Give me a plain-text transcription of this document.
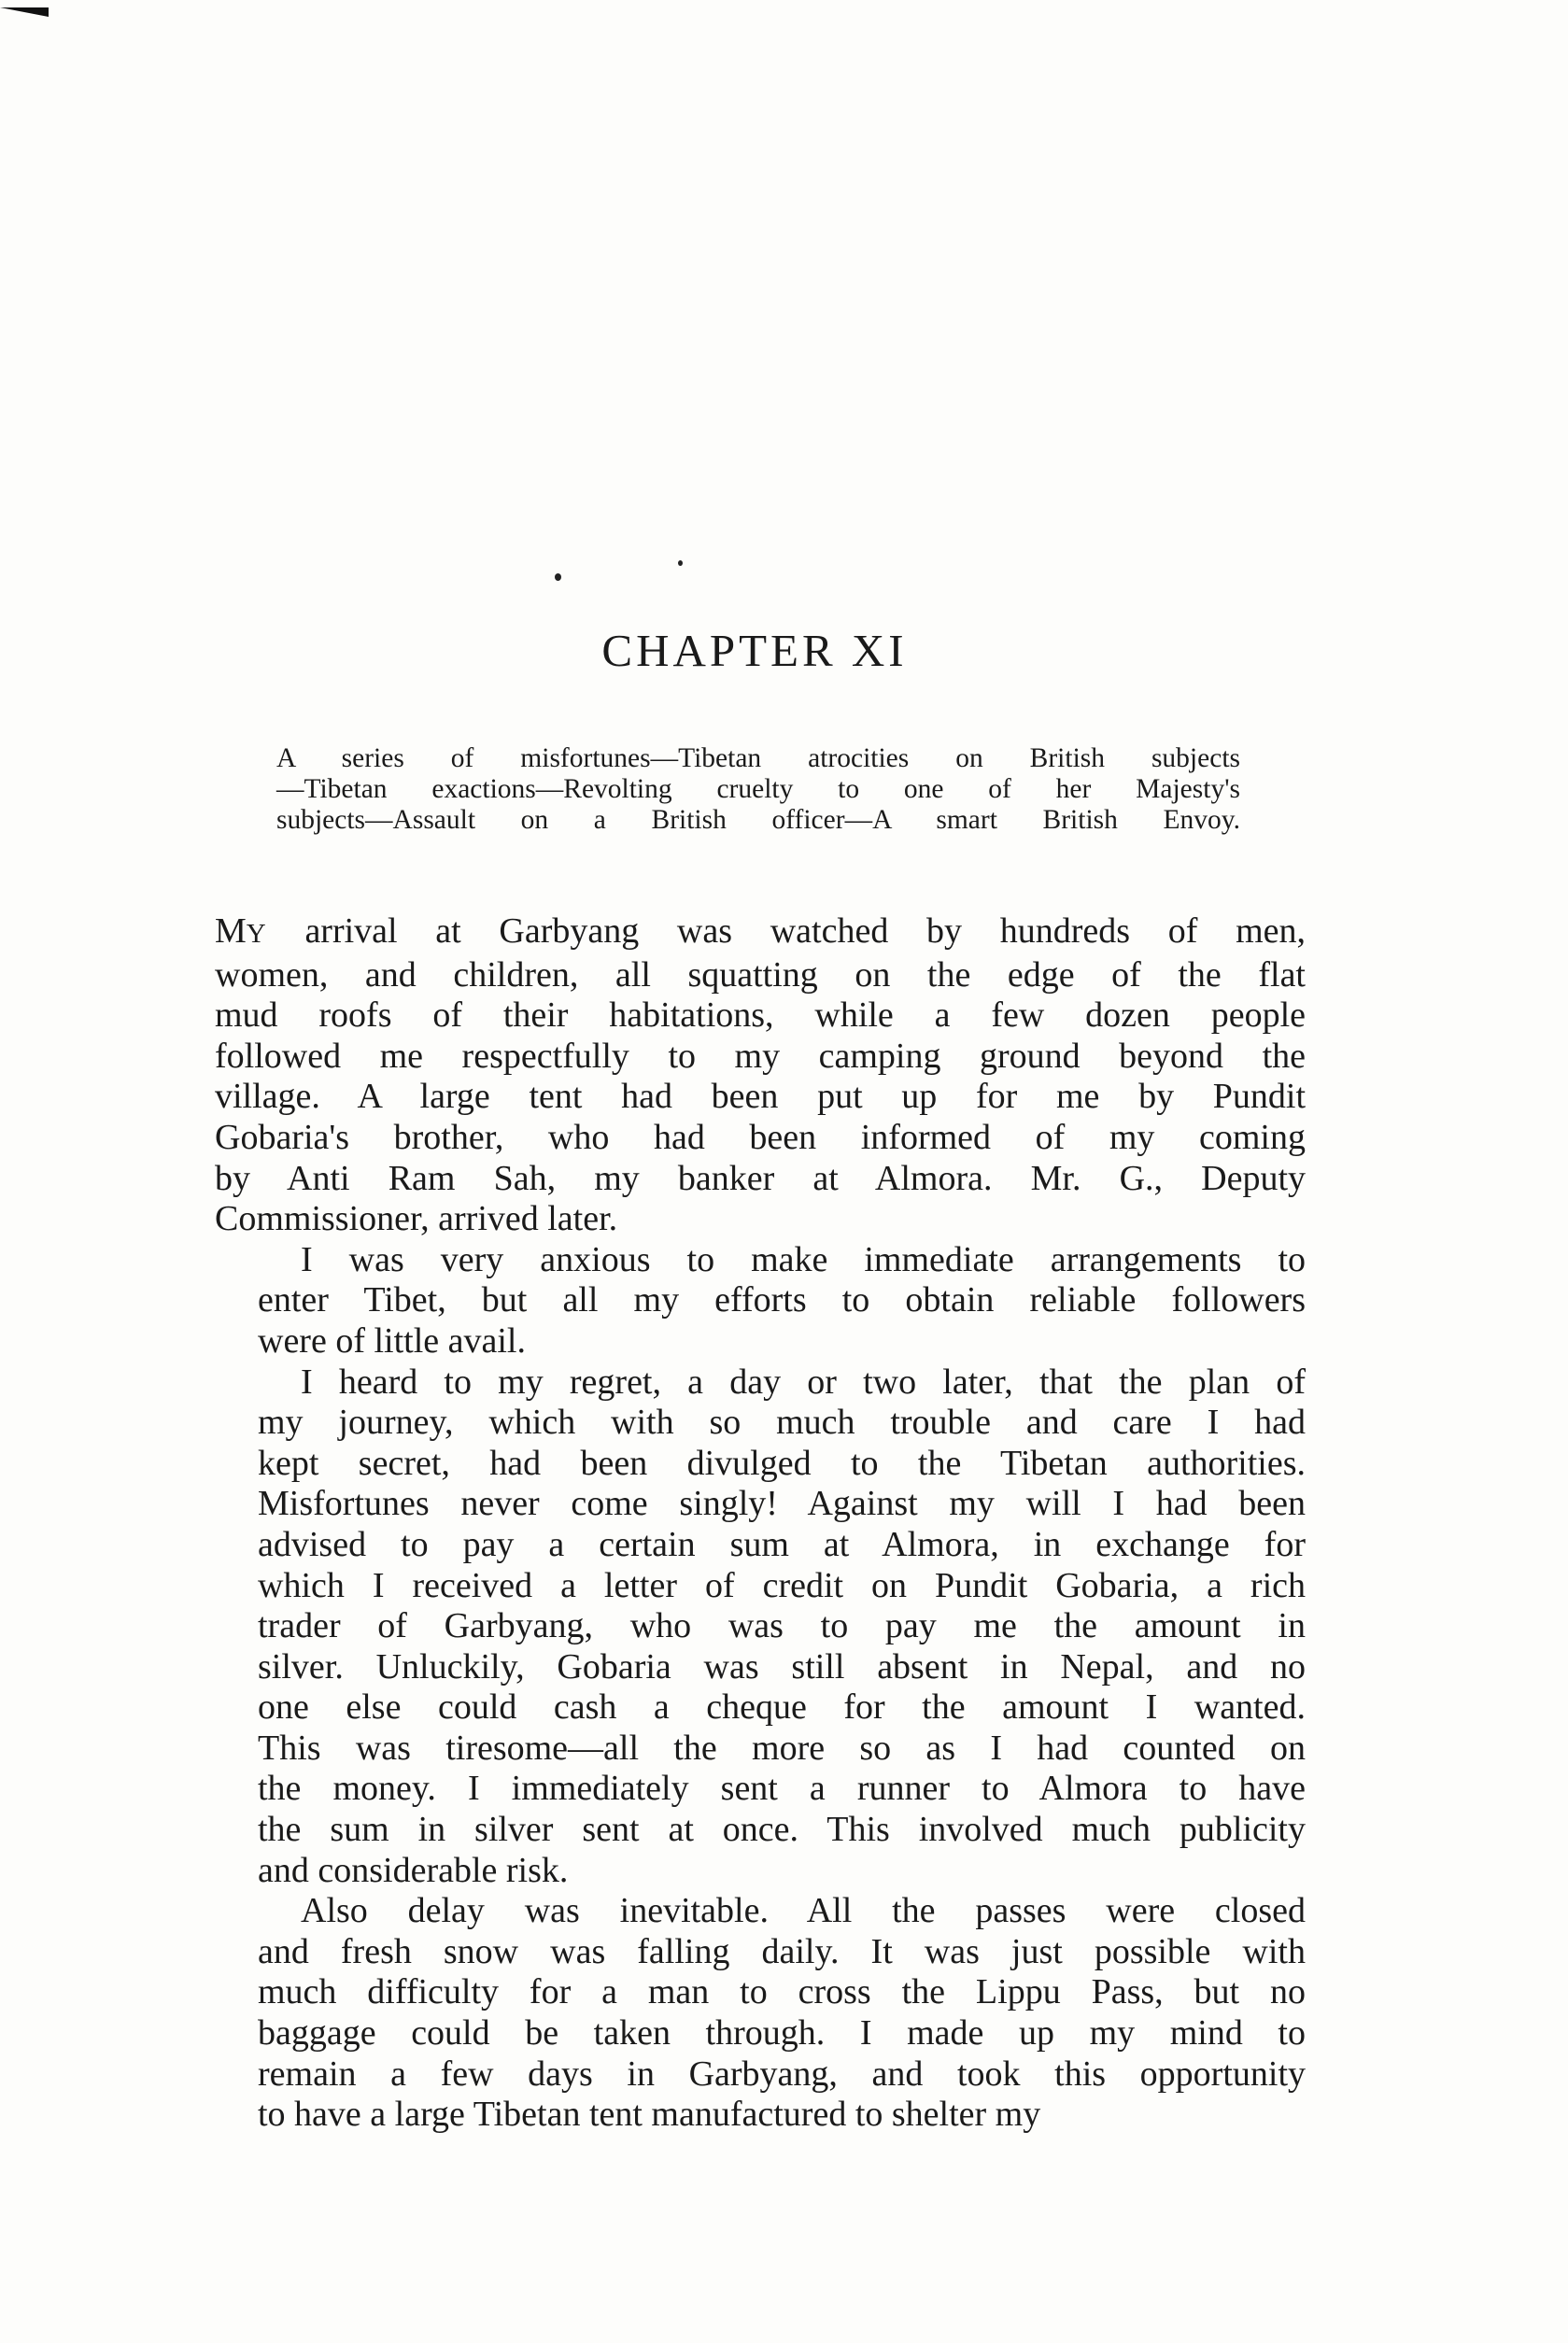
CHAPTER XI
A series of misfortunes—Tibetan atrocities on British subjects
—Tibetan exactions—Revolting cruelty to one of her Majesty's
subjects—Assault on a British officer—A smart British Envoy.

MY arrival at Garbyang was watched by hundreds of men,
women, and children, all squatting on the edge of the flat
mud roofs of their habitations, while a few dozen people
followed me respectfully to my camping ground beyond the
village. A large tent had been put up for me by Pundit
Gobaria's brother, who had been informed of my coming
by Anti Ram Sah, my banker at Almora. Mr. G., Deputy
Commissioner, arrived later.

I was very anxious to make immediate arrangements to
enter Tibet, but all my efforts to obtain reliable followers
were of little avail.

I heard to my regret, a day or two later, that the plan of
my journey, which with so much trouble and care I had
kept secret, had been divulged to the Tibetan authorities.
Misfortunes never come singly! Against my will I had been
advised to pay a certain sum at Almora, in exchange for
which I received a letter of credit on Pundit Gobaria, a rich
trader of Garbyang, who was to pay me the amount in
silver. Unluckily, Gobaria was still absent in Nepal, and no
one else could cash a cheque for the amount I wanted.
This was tiresome—all the more so as I had counted on
the money. I immediately sent a runner to Almora to have
the sum in silver sent at once. This involved much publicity
and considerable risk.

Also delay was inevitable. All the passes were closed
and fresh snow was falling daily. It was just possible with
much difficulty for a man to cross the Lippu Pass, but no
baggage could be taken through. I made up my mind to
remain a few days in Garbyang, and took this opportunity
to have a large Tibetan tent manufactured to shelter my
